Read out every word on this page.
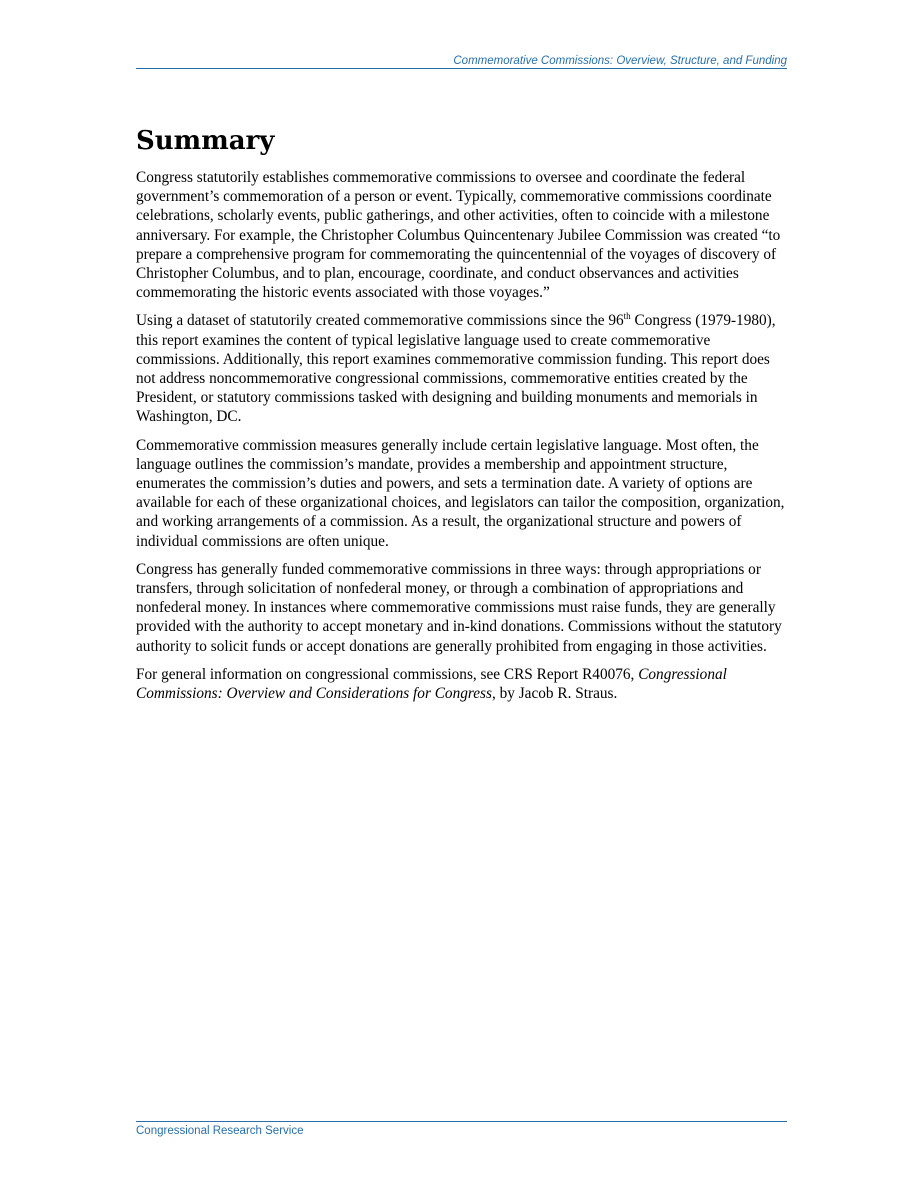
Commemorative Commissions: Overview, Structure, and Funding
Summary

Congress statutorily establishes commemorative commissions to oversee and coordinate the federal government’s commemoration of a person or event. Typically, commemorative commissions coordinate celebrations, scholarly events, public gatherings, and other activities, often to coincide with a milestone anniversary. For example, the Christopher Columbus Quincentenary Jubilee Commission was created “to prepare a comprehensive program for commemorating the quincentennial of the voyages of discovery of Christopher Columbus, and to plan, encourage, coordinate, and conduct observances and activities commemorating the historic events associated with those voyages.”

Using a dataset of statutorily created commemorative commissions since the 96th Congress (1979-1980), this report examines the content of typical legislative language used to create commemorative commissions. Additionally, this report examines commemorative commission funding. This report does not address noncommemorative congressional commissions, commemorative entities created by the President, or statutory commissions tasked with designing and building monuments and memorials in Washington, DC.

Commemorative commission measures generally include certain legislative language. Most often, the language outlines the commission’s mandate, provides a membership and appointment structure, enumerates the commission’s duties and powers, and sets a termination date. A variety of options are available for each of these organizational choices, and legislators can tailor the composition, organization, and working arrangements of a commission. As a result, the organizational structure and powers of individual commissions are often unique.

Congress has generally funded commemorative commissions in three ways: through appropriations or transfers, through solicitation of nonfederal money, or through a combination of appropriations and nonfederal money. In instances where commemorative commissions must raise funds, they are generally provided with the authority to accept monetary and in-kind donations. Commissions without the statutory authority to solicit funds or accept donations are generally prohibited from engaging in those activities.

For general information on congressional commissions, see CRS Report R40076, Congressional Commissions: Overview and Considerations for Congress, by Jacob R. Straus.

Congressional Research Service
